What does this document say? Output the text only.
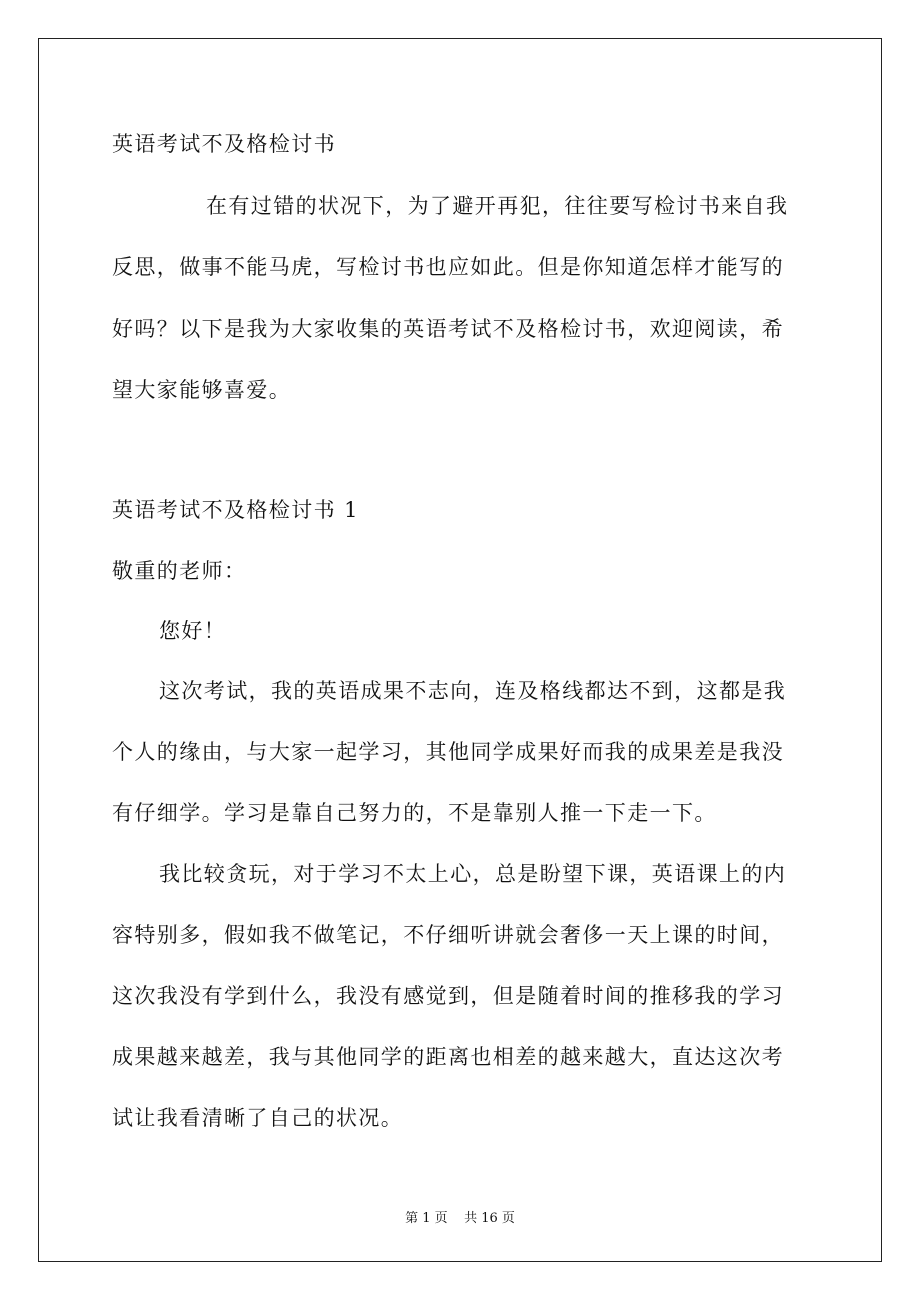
英语考试不及格检讨书
在有过错的状况下，为了避开再犯，往往要写检讨书来自我
反思，做事不能马虎，写检讨书也应如此。但是你知道怎样才能写的
好吗？以下是我为大家收集的英语考试不及格检讨书，欢迎阅读，希
望大家能够喜爱。
英语考试不及格检讨书 1
敬重的老师：
您好！
这次考试，我的英语成果不志向，连及格线都达不到，这都是我
个人的缘由，与大家一起学习，其他同学成果好而我的成果差是我没
有仔细学。学习是靠自己努力的，不是靠别人推一下走一下。
我比较贪玩，对于学习不太上心，总是盼望下课，英语课上的内
容特别多，假如我不做笔记，不仔细听讲就会奢侈一天上课的时间，
这次我没有学到什么，我没有感觉到，但是随着时间的推移我的学习
成果越来越差，我与其他同学的距离也相差的越来越大，直达这次考
试让我看清晰了自己的状况。
第 1 页    共 16 页
